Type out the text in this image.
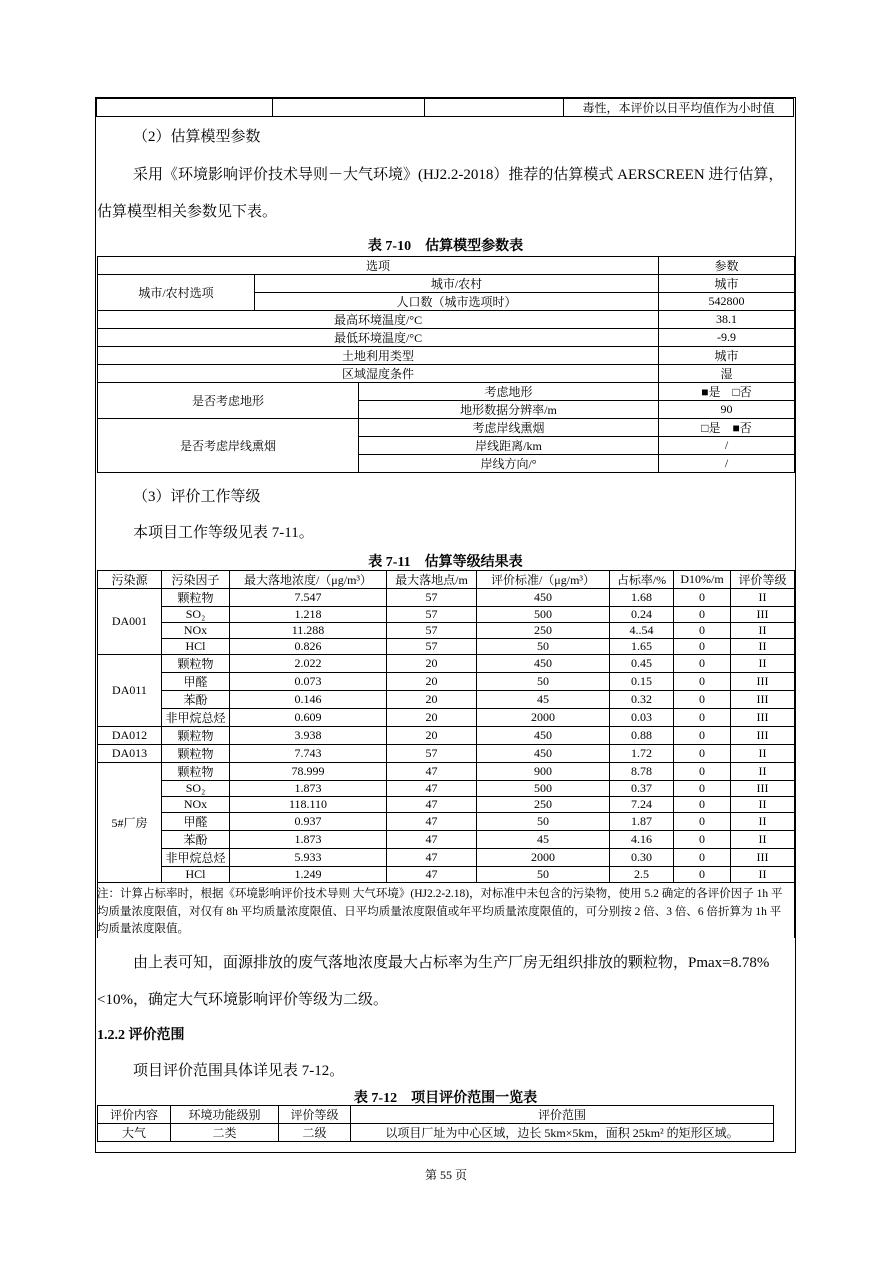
			毒性，本评价以日平均值作为小时值
（2）估算模型参数
采用《环境影响评价技术导则－大气环境》(HJ2.2-2018）推荐的估算模式 AERSCREEN 进行估算，
估算模型相关参数见下表。
表 7-10　估算模型参数表
选项			参数
城市/农村选项	城市/农村		城市
	人口数（城市选项时）		542800
最高环境温度/°C			38.1
最低环境温度/°C			-9.9
土地利用类型			城市
区域湿度条件			湿
是否考虑地形		考虑地形	■是　□否
		地形数据分辨率/m	90
是否考虑岸线熏烟		考虑岸线熏烟	□是　■否
		岸线距离/km	/
		岸线方向/°	/
（3）评价工作等级
本项目工作等级见表 7-11。
表 7-11　估算等级结果表
污染源	污染因子	最大落地浓度/（μg/m³）	最大落地点/m	评价标准/（μg/m³）	占标率/%	D10%/m	评价等级
DA001	颗粒物	7.547	57	450	1.68	0	II
	SO₂	1.218	57	500	0.24	0	III
	NOx	11.288	57	250	4..54	0	II
	HCl	0.826	57	50	1.65	0	II
DA011	颗粒物	2.022	20	450	0.45	0	II
	甲醛	0.073	20	50	0.15	0	III
	苯酚	0.146	20	45	0.32	0	III
	非甲烷总烃	0.609	20	2000	0.03	0	III
DA012	颗粒物	3.938	20	450	0.88	0	III
DA013	颗粒物	7.743	57	450	1.72	0	II
5#厂房	颗粒物	78.999	47	900	8.78	0	II
	SO₂	1.873	47	500	0.37	0	III
	NOx	118.110	47	250	7.24	0	II
	甲醛	0.937	47	50	1.87	0	II
	苯酚	1.873	47	45	4.16	0	II
	非甲烷总烃	5.933	47	2000	0.30	0	III
	HCl	1.249	47	50	2.5	0	II

注：计算占标率时，根据《环境影响评价技术导则 大气环境》(HJ2.2-2.18)，对标准中未包含的污染物，使用 5.2 确定的各评价因子 1h 平均质量浓度限值，对仅有 8h 平均质量浓度限值、日平均质量浓度限值或年平均质量浓度限值的，可分别按 2 倍、3 倍、6 倍折算为 1h 平均质量浓度限值。
由上表可知，面源排放的废气落地浓度最大占标率为生产厂房无组织排放的颗粒物，Pmax=8.78%
<10%，确定大气环境影响评价等级为二级。
1.2.2 评价范围
项目评价范围具体详见表 7-12。
表 7-12　项目评价范围一览表
评价内容	环境功能级别	评价等级	评价范围
大气	二类	二级	以项目厂址为中心区域，边长 5km×5km，面积 25km² 的矩形区域。
第 55 页
